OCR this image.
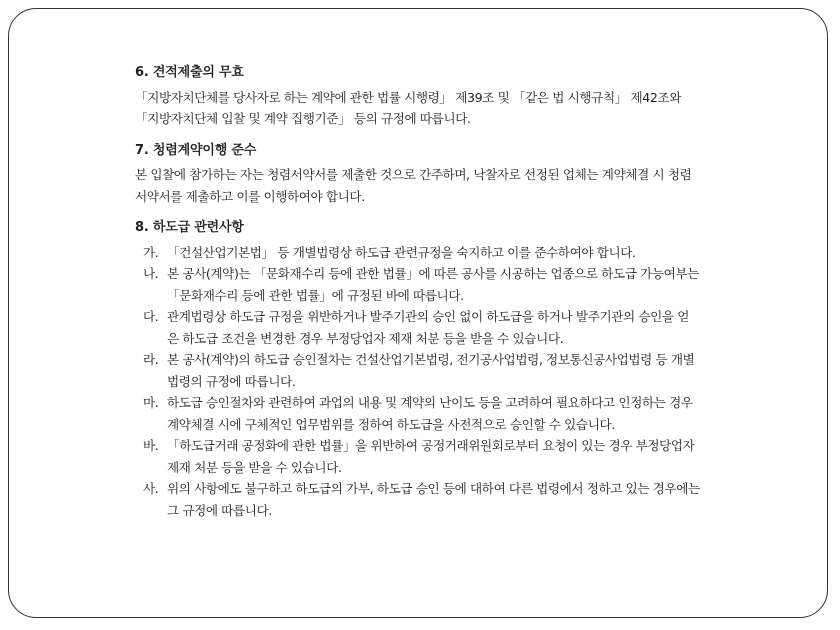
6. 견적제출의 무효
「지방자치단체를 당사자로 하는 계약에 관한 법률 시행령」 제39조 및 「같은 법 시행규칙」 제42조와 「지방자치단체 입찰 및 계약 집행기준」 등의 규정에 따릅니다.
7. 청렴계약이행 준수
본 입찰에 참가하는 자는 청렴서약서를 제출한 것으로 간주하며, 낙찰자로 선정된 업체는 계약체결 시 청렴서약서를 제출하고 이를 이행하여야 합니다.
8. 하도급 관련사항
가. 「건설산업기본법」 등 개별법령상 하도급 관련규정을 숙지하고 이를 준수하여야 합니다.
나. 본 공사(계약)는 「문화재수리 등에 관한 법률」에 따른 공사를 시공하는 업종으로 하도급 가능여부는 「문화재수리 등에 관한 법률」에 규정된 바에 따릅니다.
다. 관계법령상 하도급 규정을 위반하거나 발주기관의 승인 없이 하도급을 하거나 발주기관의 승인을 얻은 하도급 조건을 변경한 경우 부정당업자 제재 처분 등을 받을 수 있습니다.
라. 본 공사(계약)의 하도급 승인절차는 건설산업기본법령, 전기공사업법령, 정보통신공사업법령 등 개별법령의 규정에 따릅니다.
마. 하도급 승인절차와 관련하여 과업의 내용 및 계약의 난이도 등을 고려하여 필요하다고 인정하는 경우 계약체결 시에 구체적인 업무범위를 정하여 하도급을 사전적으로 승인할 수 있습니다.
바. 「하도급거래 공정화에 관한 법률」을 위반하여 공정거래위원회로부터 요청이 있는 경우 부정당업자 제재 처분 등을 받을 수 있습니다.
사. 위의 사항에도 불구하고 하도급의 가부, 하도급 승인 등에 대하여 다른 법령에서 정하고 있는 경우에는 그 규정에 따릅니다.
